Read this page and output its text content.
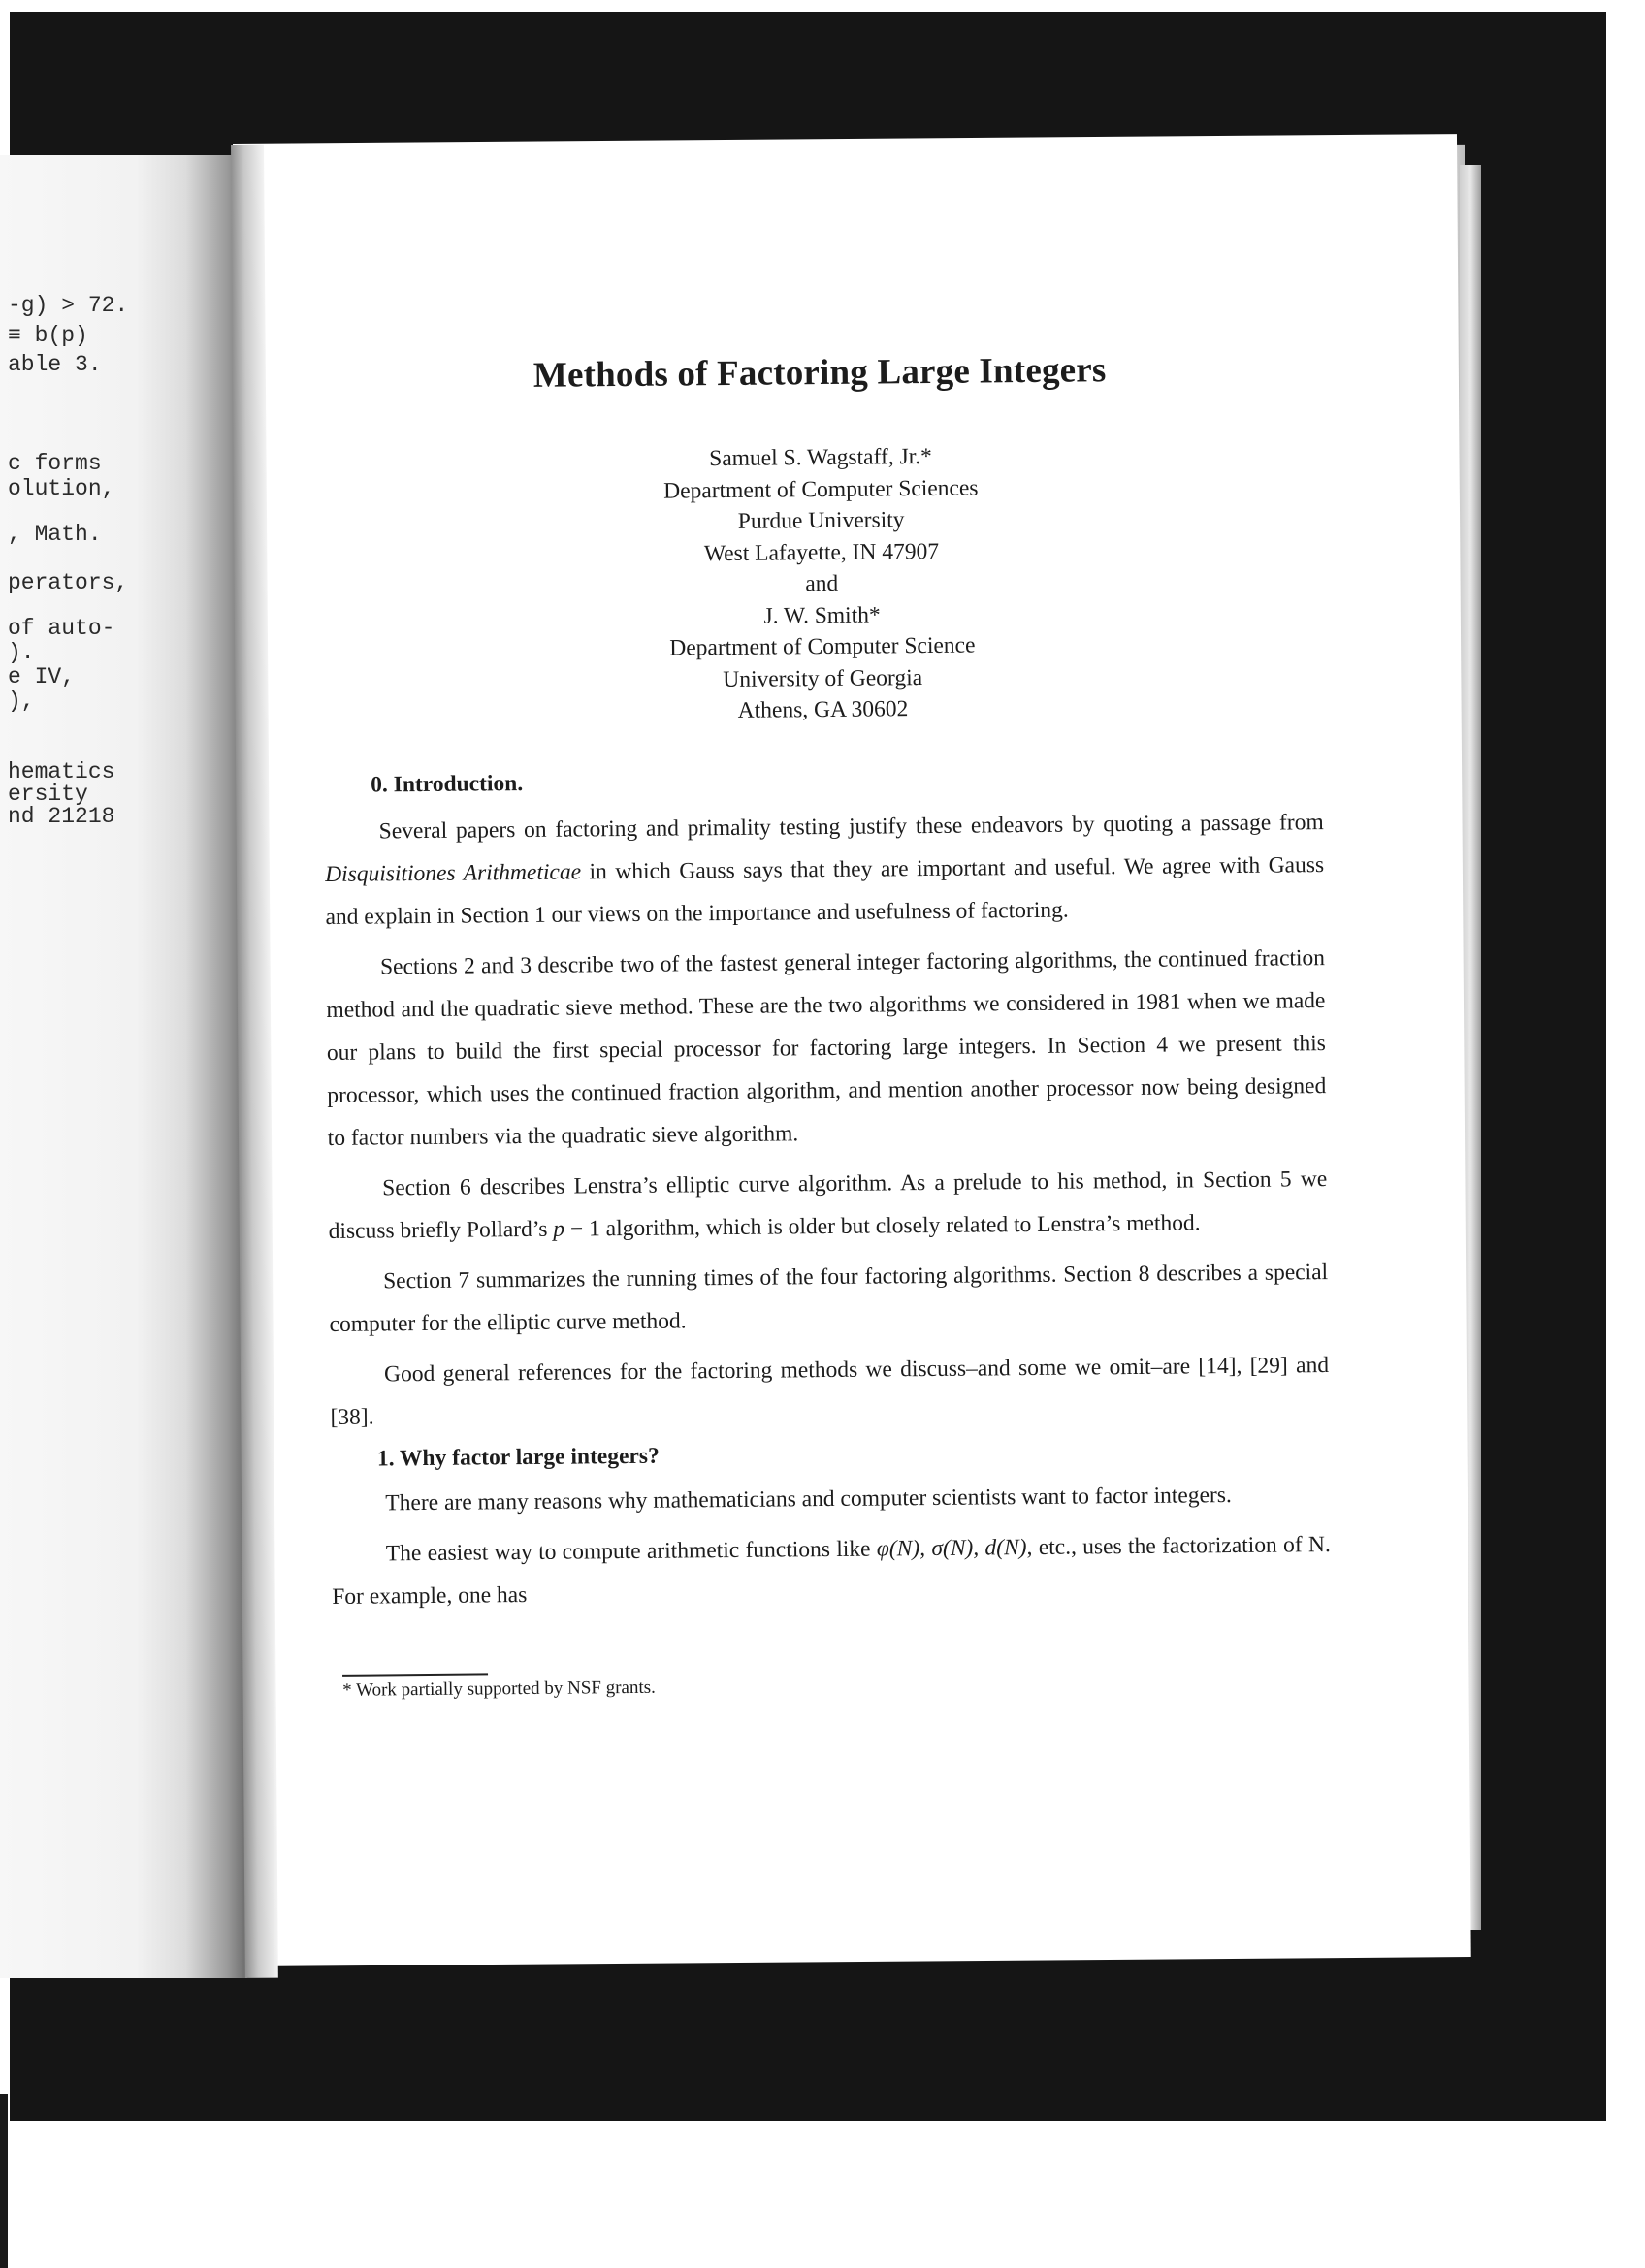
-g) > 72.

≡ b(p)

able 3.

c forms

olution,

, Math.

perators,

of auto-

).

e IV,

),

hematics

ersity

nd 21218

Methods of Factoring Large Integers
Samuel S. Wagstaff, Jr.*
Department of Computer Sciences
Purdue University
West Lafayette, IN 47907
and
J. W. Smith*
Department of Computer Science
University of Georgia
Athens, GA 30602
0. Introduction.

Several papers on factoring and primality testing justify these endeavors by quoting a passage from Disquisitiones Arithmeticae in which Gauss says that they are important and useful. We agree with Gauss and explain in Section 1 our views on the importance and usefulness of factoring.

Sections 2 and 3 describe two of the fastest general integer factoring algorithms, the continued fraction method and the quadratic sieve method. These are the two algorithms we considered in 1981 when we made our plans to build the first special processor for factoring large integers. In Section 4 we present this processor, which uses the continued fraction algorithm, and mention another processor now being designed to factor numbers via the quadratic sieve algorithm.

Section 6 describes Lenstra’s elliptic curve algorithm. As a prelude to his method, in Section 5 we discuss briefly Pollard’s p − 1 algorithm, which is older but closely related to Lenstra’s method.

Section 7 summarizes the running times of the four factoring algorithms. Section 8 describes a special computer for the elliptic curve method.

Good general references for the factoring methods we discuss–and some we omit–are [14], [29] and [38].

1. Why factor large integers?

There are many reasons why mathematicians and computer scientists want to factor integers.

The easiest way to compute arithmetic functions like φ(N), σ(N), d(N), etc., uses the factorization of N. For example, one has

* Work partially supported by NSF grants.
